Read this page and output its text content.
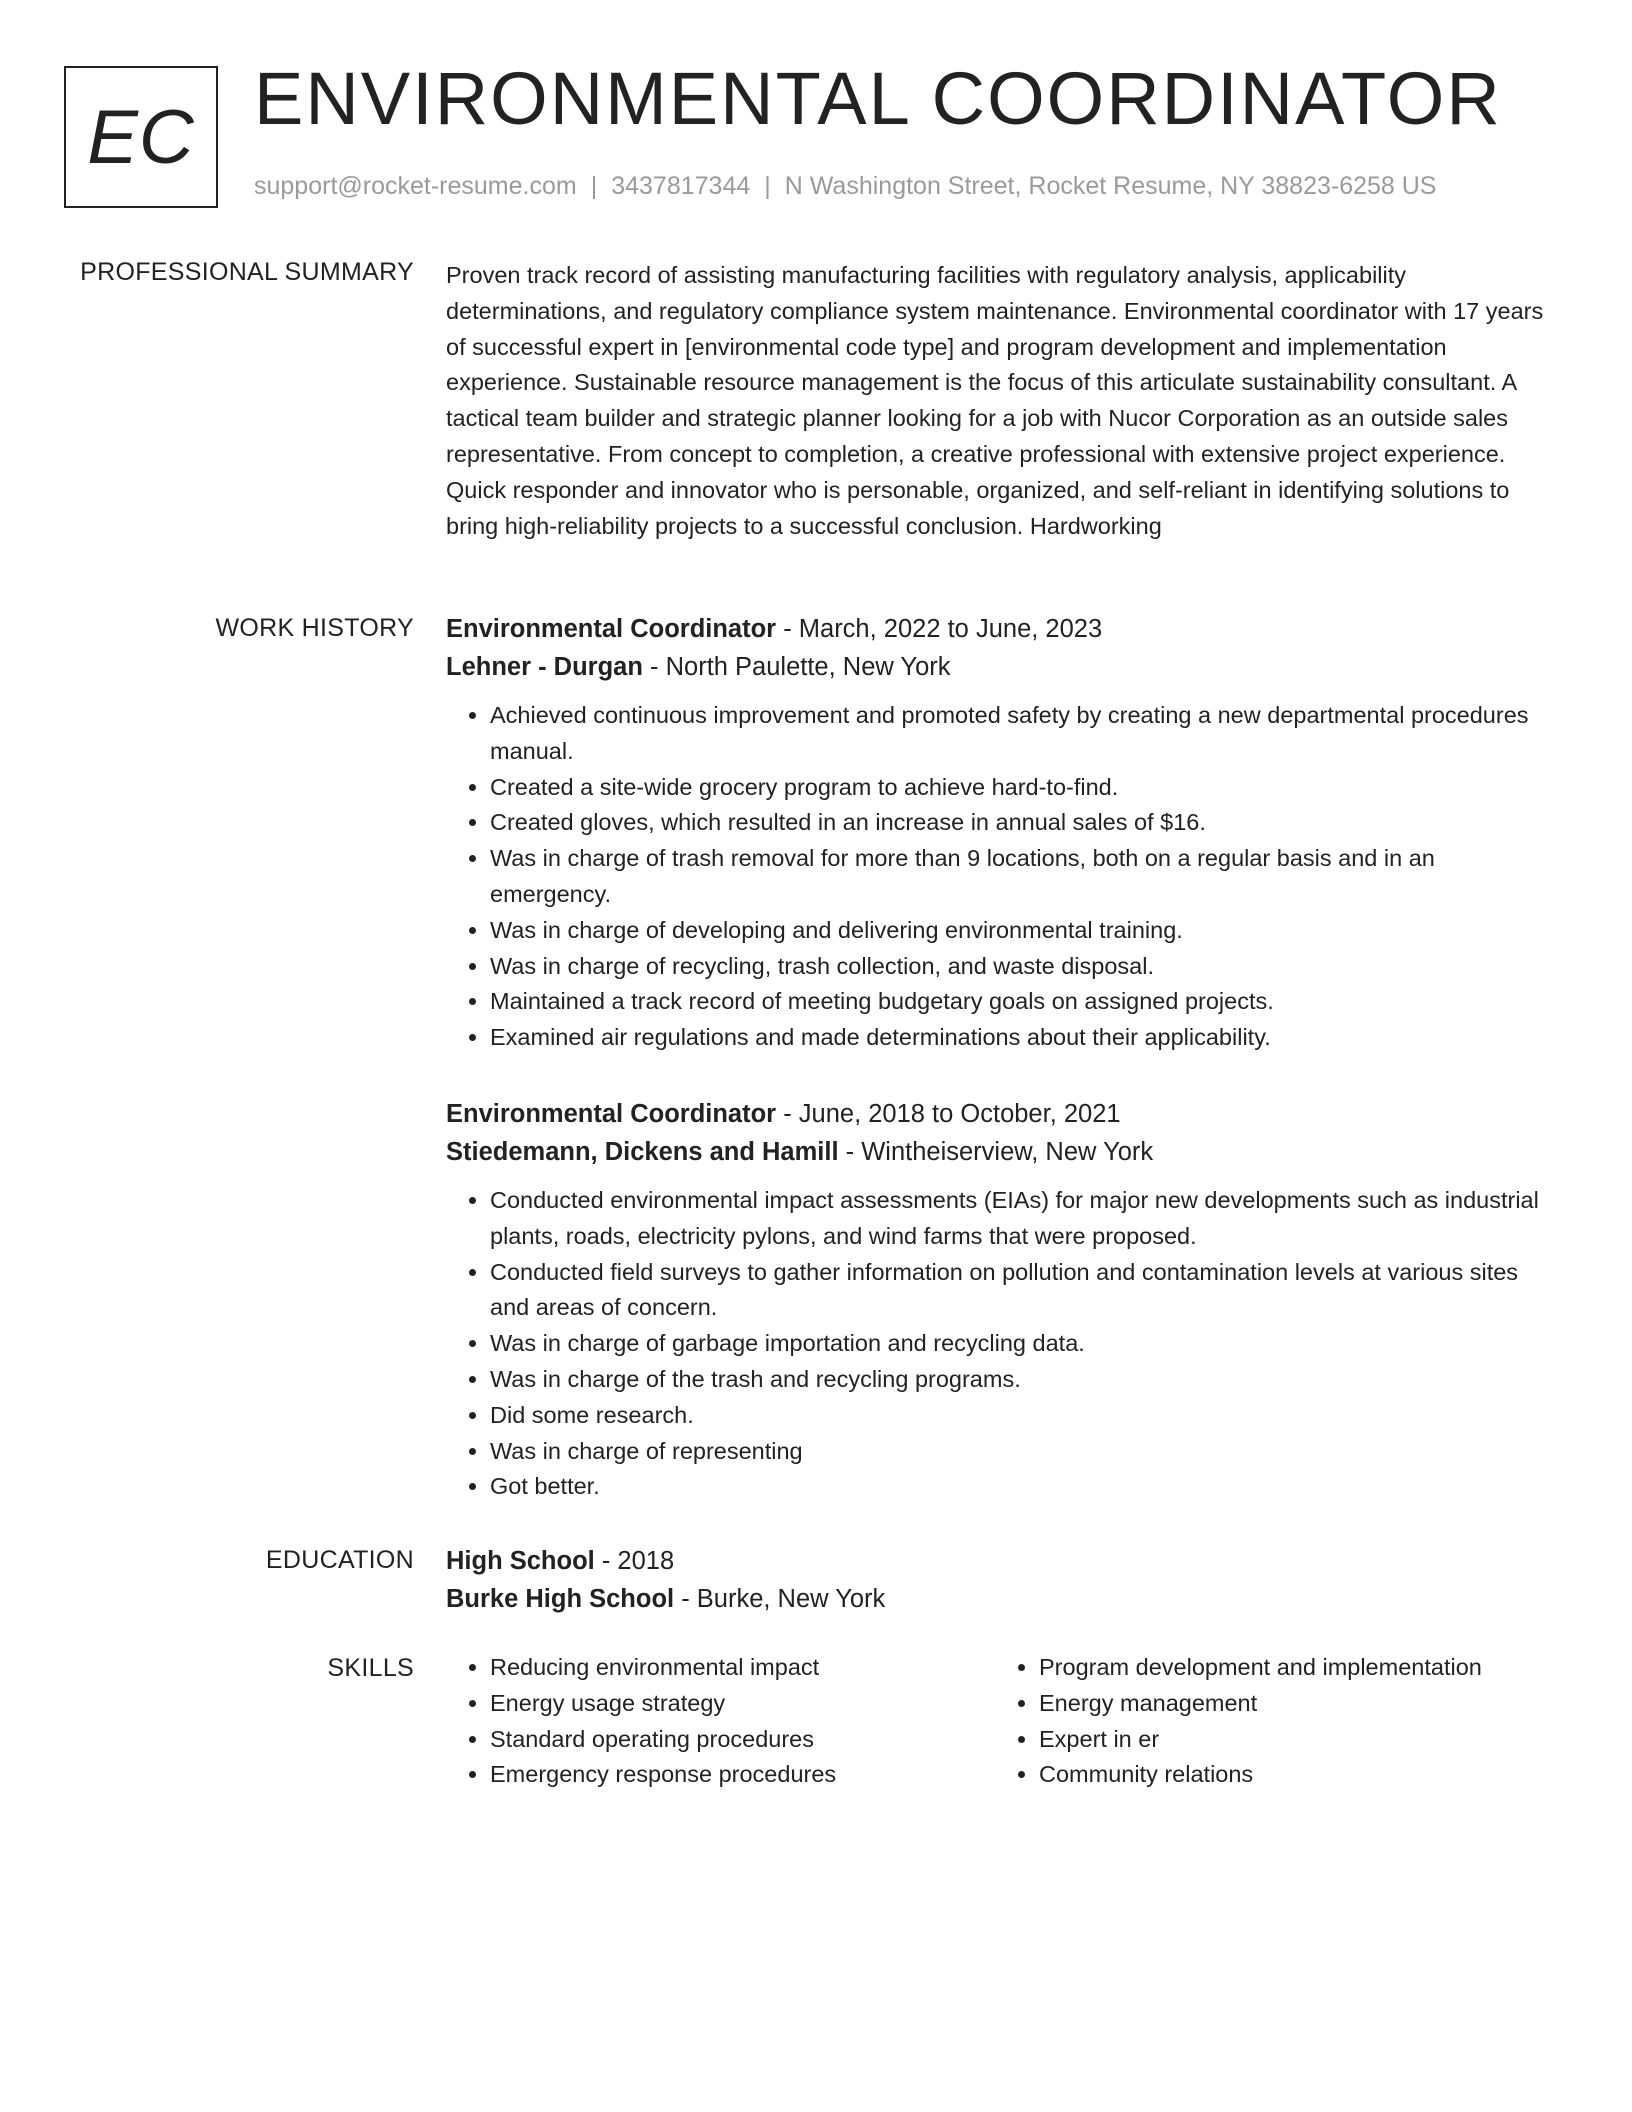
EC ENVIRONMENTAL COORDINATOR
support@rocket-resume.com | 3437817344 | N Washington Street, Rocket Resume, NY 38823-6258 US
PROFESSIONAL SUMMARY Proven track record of assisting manufacturing facilities with regulatory analysis, applicability determinations, and regulatory compliance system maintenance. Environmental coordinator with 17 years of successful expert in [environmental code type] and program development and implementation experience. Sustainable resource management is the focus of this articulate sustainability consultant. A tactical team builder and strategic planner looking for a job with Nucor Corporation as an outside sales representative. From concept to completion, a creative professional with extensive project experience. Quick responder and innovator who is personable, organized, and self-reliant in identifying solutions to bring high-reliability projects to a successful conclusion. Hardworking
WORK HISTORY Environmental Coordinator - March, 2022 to June, 2023
Lehner - Durgan - North Paulette, New York
• Achieved continuous improvement and promoted safety by creating a new departmental procedures manual.
• Created a site-wide grocery program to achieve hard-to-find.
• Created gloves, which resulted in an increase in annual sales of $16.
• Was in charge of trash removal for more than 9 locations, both on a regular basis and in an emergency.
• Was in charge of developing and delivering environmental training.
• Was in charge of recycling, trash collection, and waste disposal.
• Maintained a track record of meeting budgetary goals on assigned projects.
• Examined air regulations and made determinations about their applicability.
Environmental Coordinator - June, 2018 to October, 2021
Stiedemann, Dickens and Hamill - Wintheiserview, New York
• Conducted environmental impact assessments (EIAs) for major new developments such as industrial plants, roads, electricity pylons, and wind farms that were proposed.
• Conducted field surveys to gather information on pollution and contamination levels at various sites and areas of concern.
• Was in charge of garbage importation and recycling data.
• Was in charge of the trash and recycling programs.
• Did some research.
• Was in charge of representing
• Got better.
EDUCATION High School - 2018
Burke High School - Burke, New York
SKILLS
•	Reducing environmental impact
• Energy usage strategy
• Standard operating procedures
• Emergency response procedures
• Program development and implementation
• Energy management
• Expert in er
• Community relations
